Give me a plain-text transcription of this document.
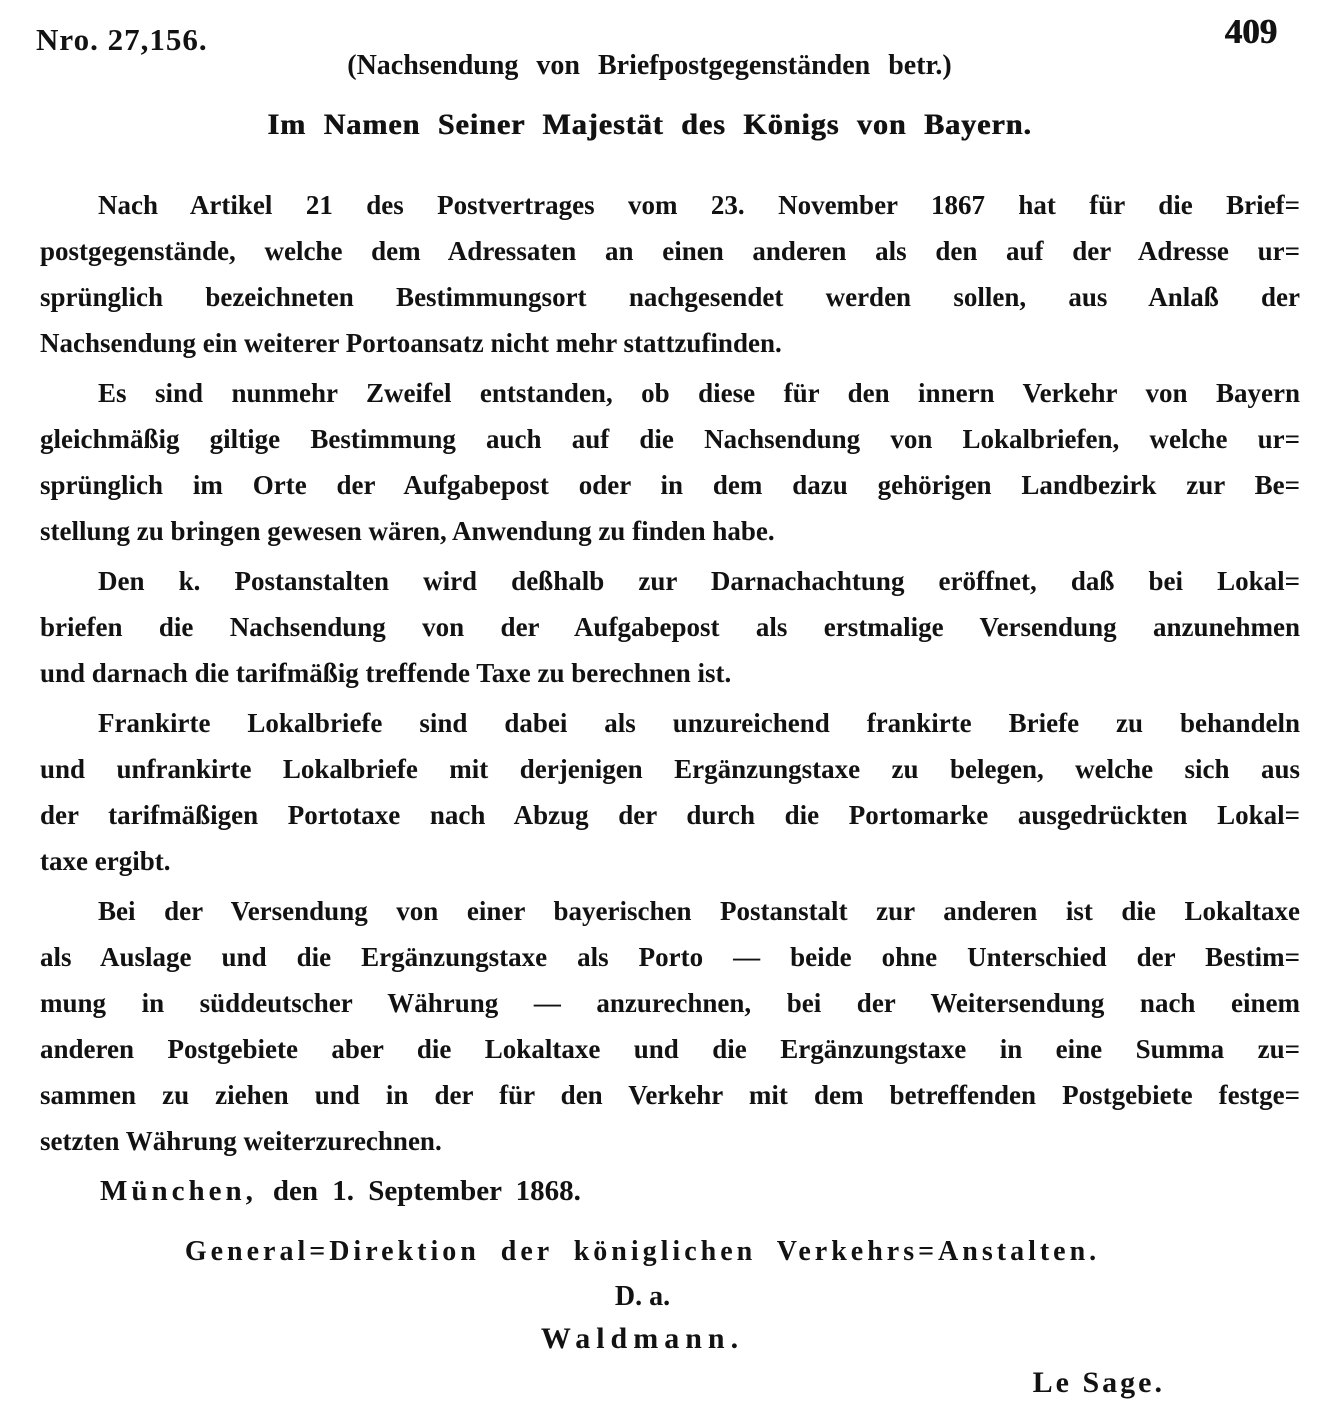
Nro. 27,156.	409
(Nachsendung von Briefpostgegenständen betr.)
Im Namen Seiner Majestät des Königs von Bayern.
Nach Artikel 21 des Postvertrages vom 23. November 1867 hat für die Brief=
postgegenstände, welche dem Adressaten an einen anderen als den auf der Adresse ur=
sprünglich bezeichneten Bestimmungsort nachgesendet werden sollen, aus Anlaß der
Nachsendung ein weiterer Portoansatz nicht mehr stattzufinden.
Es sind nunmehr Zweifel entstanden, ob diese für den innern Verkehr von Bayern
gleichmäßig giltige Bestimmung auch auf die Nachsendung von Lokalbriefen, welche ur=
sprünglich im Orte der Aufgabepost oder in dem dazu gehörigen Landbezirk zur Be=
stellung zu bringen gewesen wären, Anwendung zu finden habe.
Den k. Postanstalten wird deßhalb zur Darnachachtung eröffnet, daß bei Lokal=
briefen die Nachsendung von der Aufgabepost als erstmalige Versendung anzunehmen
und darnach die tarifmäßig treffende Taxe zu berechnen ist.
Frankirte Lokalbriefe sind dabei als unzureichend frankirte Briefe zu behandeln
und unfrankirte Lokalbriefe mit derjenigen Ergänzungstaxe zu belegen, welche sich aus
der tarifmäßigen Portotaxe nach Abzug der durch die Portomarke ausgedrückten Lokal=
taxe ergibt.
Bei der Versendung von einer bayerischen Postanstalt zur anderen ist die Lokaltaxe
als Auslage und die Ergänzungstaxe als Porto — beide ohne Unterschied der Bestim=
mung in süddeutscher Währung — anzurechnen, bei der Weitersendung nach einem
anderen Postgebiete aber die Lokaltaxe und die Ergänzungstaxe in eine Summa zu=
sammen zu ziehen und in der für den Verkehr mit dem betreffenden Postgebiete festge=
setzten Währung weiterzurechnen.
München, den 1. September 1868.
General=Direktion der königlichen Verkehrs=Anstalten.
D. a.
Waldmann.
Le Sage.
